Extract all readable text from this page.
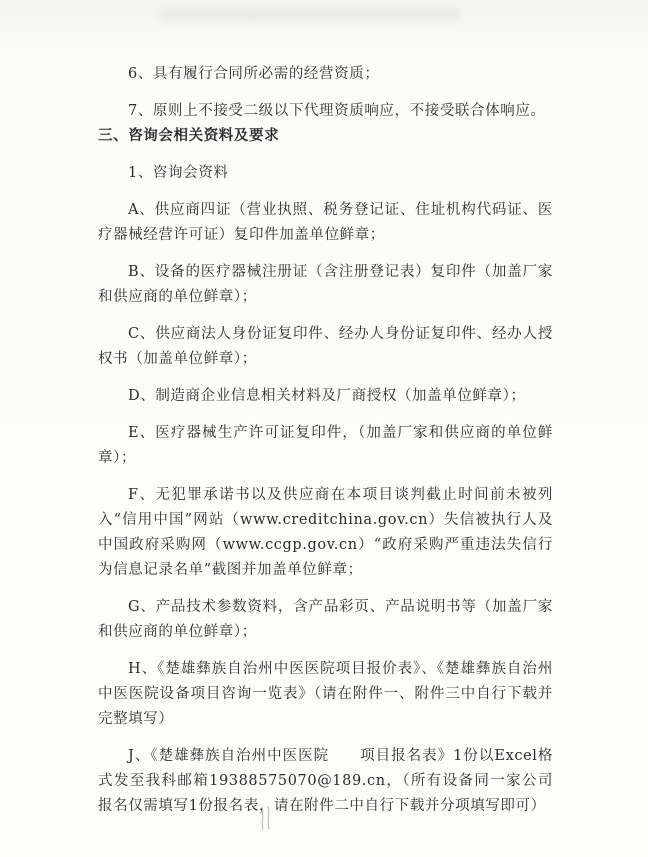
6、具有履行合同所必需的经营资质；

7、原则上不接受二级以下代理资质响应，不接受联合体响应。

三、咨询会相关资料及要求

1、咨询会资料

A、供应商四证（营业执照、税务登记证、住址机构代码证、医疗器械经营许可证）复印件加盖单位鲜章；

B、设备的医疗器械注册证（含注册登记表）复印件（加盖厂家和供应商的单位鲜章）；

C、供应商法人身份证复印件、经办人身份证复印件、经办人授权书（加盖单位鲜章）；

D、制造商企业信息相关材料及厂商授权（加盖单位鲜章）；

E、医疗器械生产许可证复印件，（加盖厂家和供应商的单位鲜章）；

F、无犯罪承诺书以及供应商在本项目谈判截止时间前未被列入“信用中国”网站（www.creditchina.gov.cn）失信被执行人及中国政府采购网（www.ccgp.gov.cn）“政府采购严重违法失信行为信息记录名单”截图并加盖单位鲜章；

G、产品技术参数资料，含产品彩页、产品说明书等（加盖厂家和供应商的单位鲜章）；

H、《楚雄彝族自治州中医医院项目报价表》、《楚雄彝族自治州中医医院设备项目咨询一览表》（请在附件一、附件三中自行下载并完整填写）

J、《楚雄彝族自治州中医医院　　项目报名表》1份以Excel格式发至我科邮箱19388575070@189.cn，（所有设备同一家公司报名仅需填写1份报名表，请在附件二中自行下载并分项填写即可）
